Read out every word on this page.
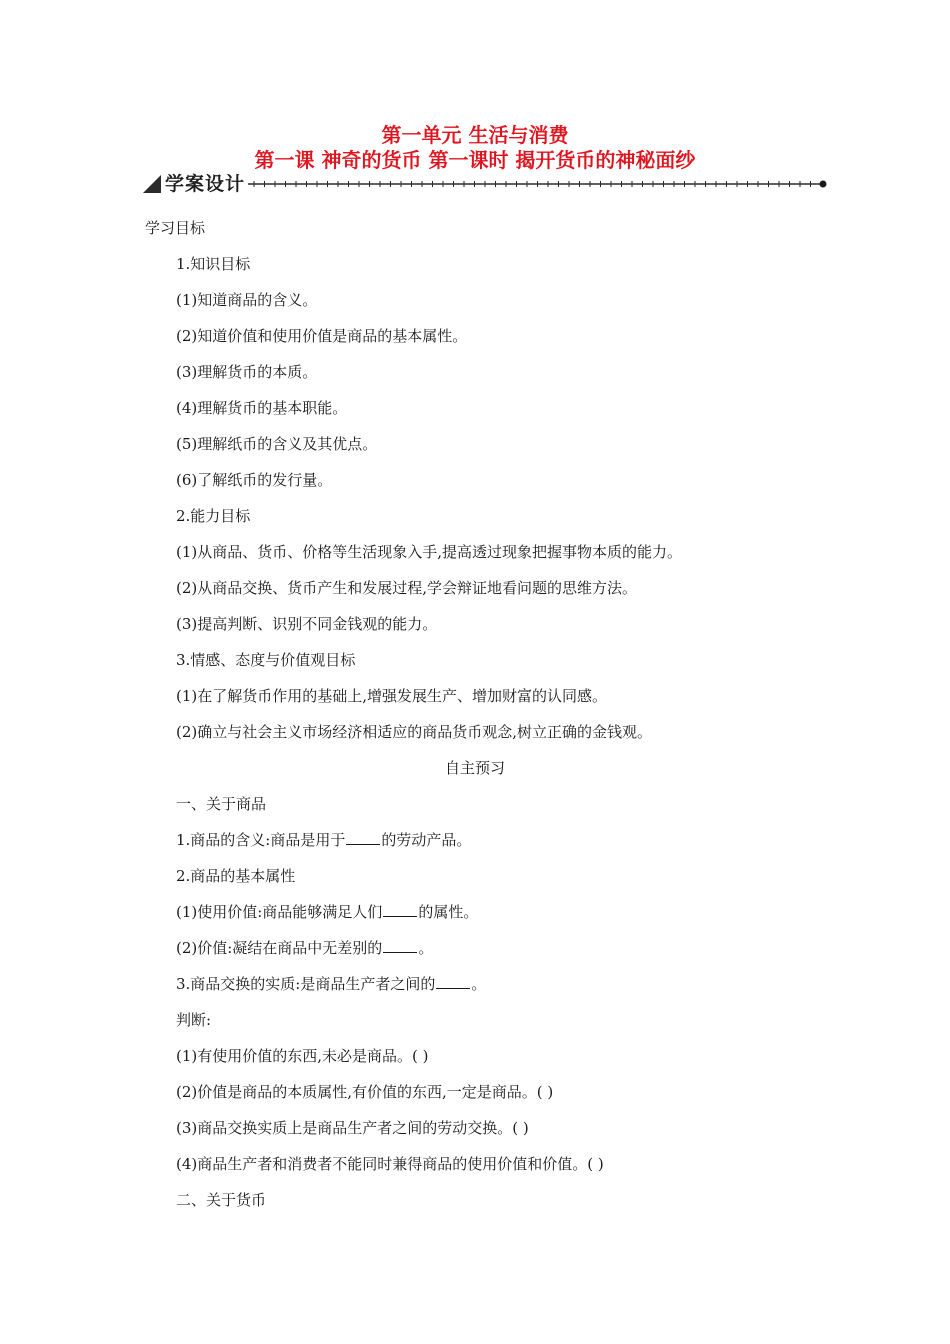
第一单元 生活与消费
第一课 神奇的货币 第一课时 揭开货币的神秘面纱
学案设计
学习目标
1.知识目标
(1)知道商品的含义。
(2)知道价值和使用价值是商品的基本属性。
(3)理解货币的本质。
(4)理解货币的基本职能。
(5)理解纸币的含义及其优点。
(6)了解纸币的发行量。
2.能力目标
(1)从商品、货币、价格等生活现象入手,提高透过现象把握事物本质的能力。
(2)从商品交换、货币产生和发展过程,学会辩证地看问题的思维方法。
(3)提高判断、识别不同金钱观的能力。
3.情感、态度与价值观目标
(1)在了解货币作用的基础上,增强发展生产、增加财富的认同感。
(2)确立与社会主义市场经济相适应的商品货币观念,树立正确的金钱观。
自主预习
一、关于商品
1.商品的含义:商品是用于 的劳动产品。
2.商品的基本属性
(1)使用价值:商品能够满足人们 的属性。
(2)价值:凝结在商品中无差别的 。
3.商品交换的实质:是商品生产者之间的 。
判断:
(1)有使用价值的东西,未必是商品。( )
(2)价值是商品的本质属性,有价值的东西,一定是商品。( )
(3)商品交换实质上是商品生产者之间的劳动交换。( )
(4)商品生产者和消费者不能同时兼得商品的使用价值和价值。( )
二、关于货币
